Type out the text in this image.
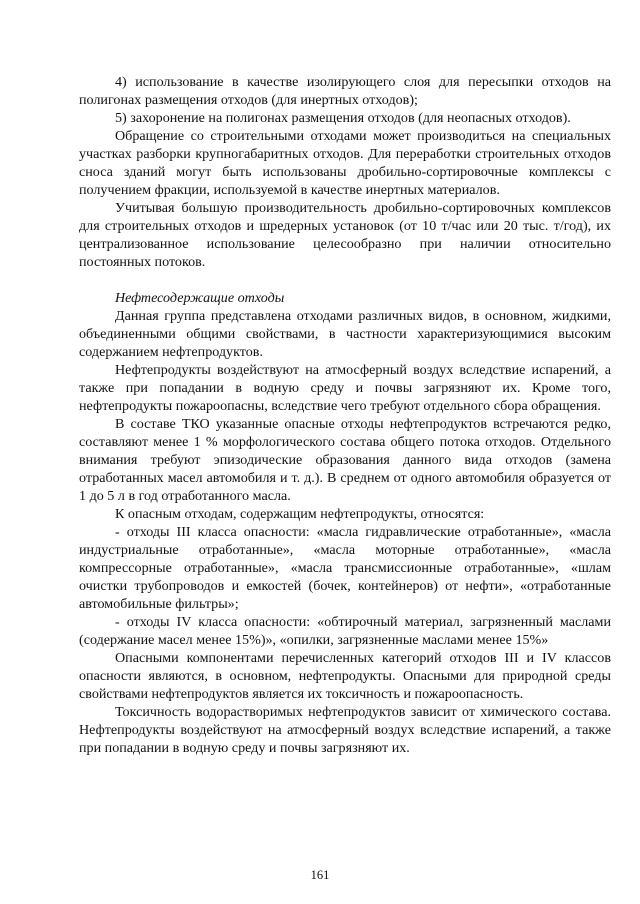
4) использование в качестве изолирующего слоя для пересыпки отходов на полигонах размещения отходов (для инертных отходов);

5) захоронение на полигонах размещения отходов (для неопасных отходов).

Обращение со строительными отходами может производиться на специальных участках разборки крупногабаритных отходов. Для переработки строительных отходов сноса зданий могут быть использованы дробильно-сортировочные комплексы с получением фракции, используемой в качестве инертных материалов.

Учитывая большую производительность дробильно-сортировочных комплексов для строительных отходов и шредерных установок (от 10 т/час или 20 тыс. т/год), их централизованное использование целесообразно при наличии относительно постоянных потоков.

Нефтесодержащие отходы

Данная группа представлена отходами различных видов, в основном, жидкими, объединенными общими свойствами, в частности характеризующимися высоким содержанием нефтепродуктов.

Нефтепродукты воздействуют на атмосферный воздух вследствие испарений, а также при попадании в водную среду и почвы загрязняют их. Кроме того, нефтепродукты пожароопасны, вследствие чего требуют отдельного сбора обращения.

В составе ТКО указанные опасные отходы нефтепродуктов встречаются редко, составляют менее 1 % морфологического состава общего потока отходов. Отдельного внимания требуют эпизодические образования данного вида отходов (замена отработанных масел автомобиля и т. д.). В среднем от одного автомобиля образуется от 1 до 5 л в год отработанного масла.

К опасным отходам, содержащим нефтепродукты, относятся:

- отходы III класса опасности: «масла гидравлические отработанные», «масла индустриальные отработанные», «масла моторные отработанные», «масла компрессорные отработанные», «масла трансмиссионные отработанные», «шлам очистки трубопроводов и емкостей (бочек, контейнеров) от нефти», «отработанные автомобильные фильтры»;

- отходы IV класса опасности: «обтирочный материал, загрязненный маслами (содержание масел менее 15%)», «опилки, загрязненные маслами менее 15%»

Опасными компонентами перечисленных категорий отходов III и IV классов опасности являются, в основном, нефтепродукты. Опасными для природной среды свойствами нефтепродуктов является их токсичность и пожароопасность.

Токсичность водорастворимых нефтепродуктов зависит от химического состава. Нефтепродукты воздействуют на атмосферный воздух вследствие испарений, а также при попадании в водную среду и почвы загрязняют их.

161
